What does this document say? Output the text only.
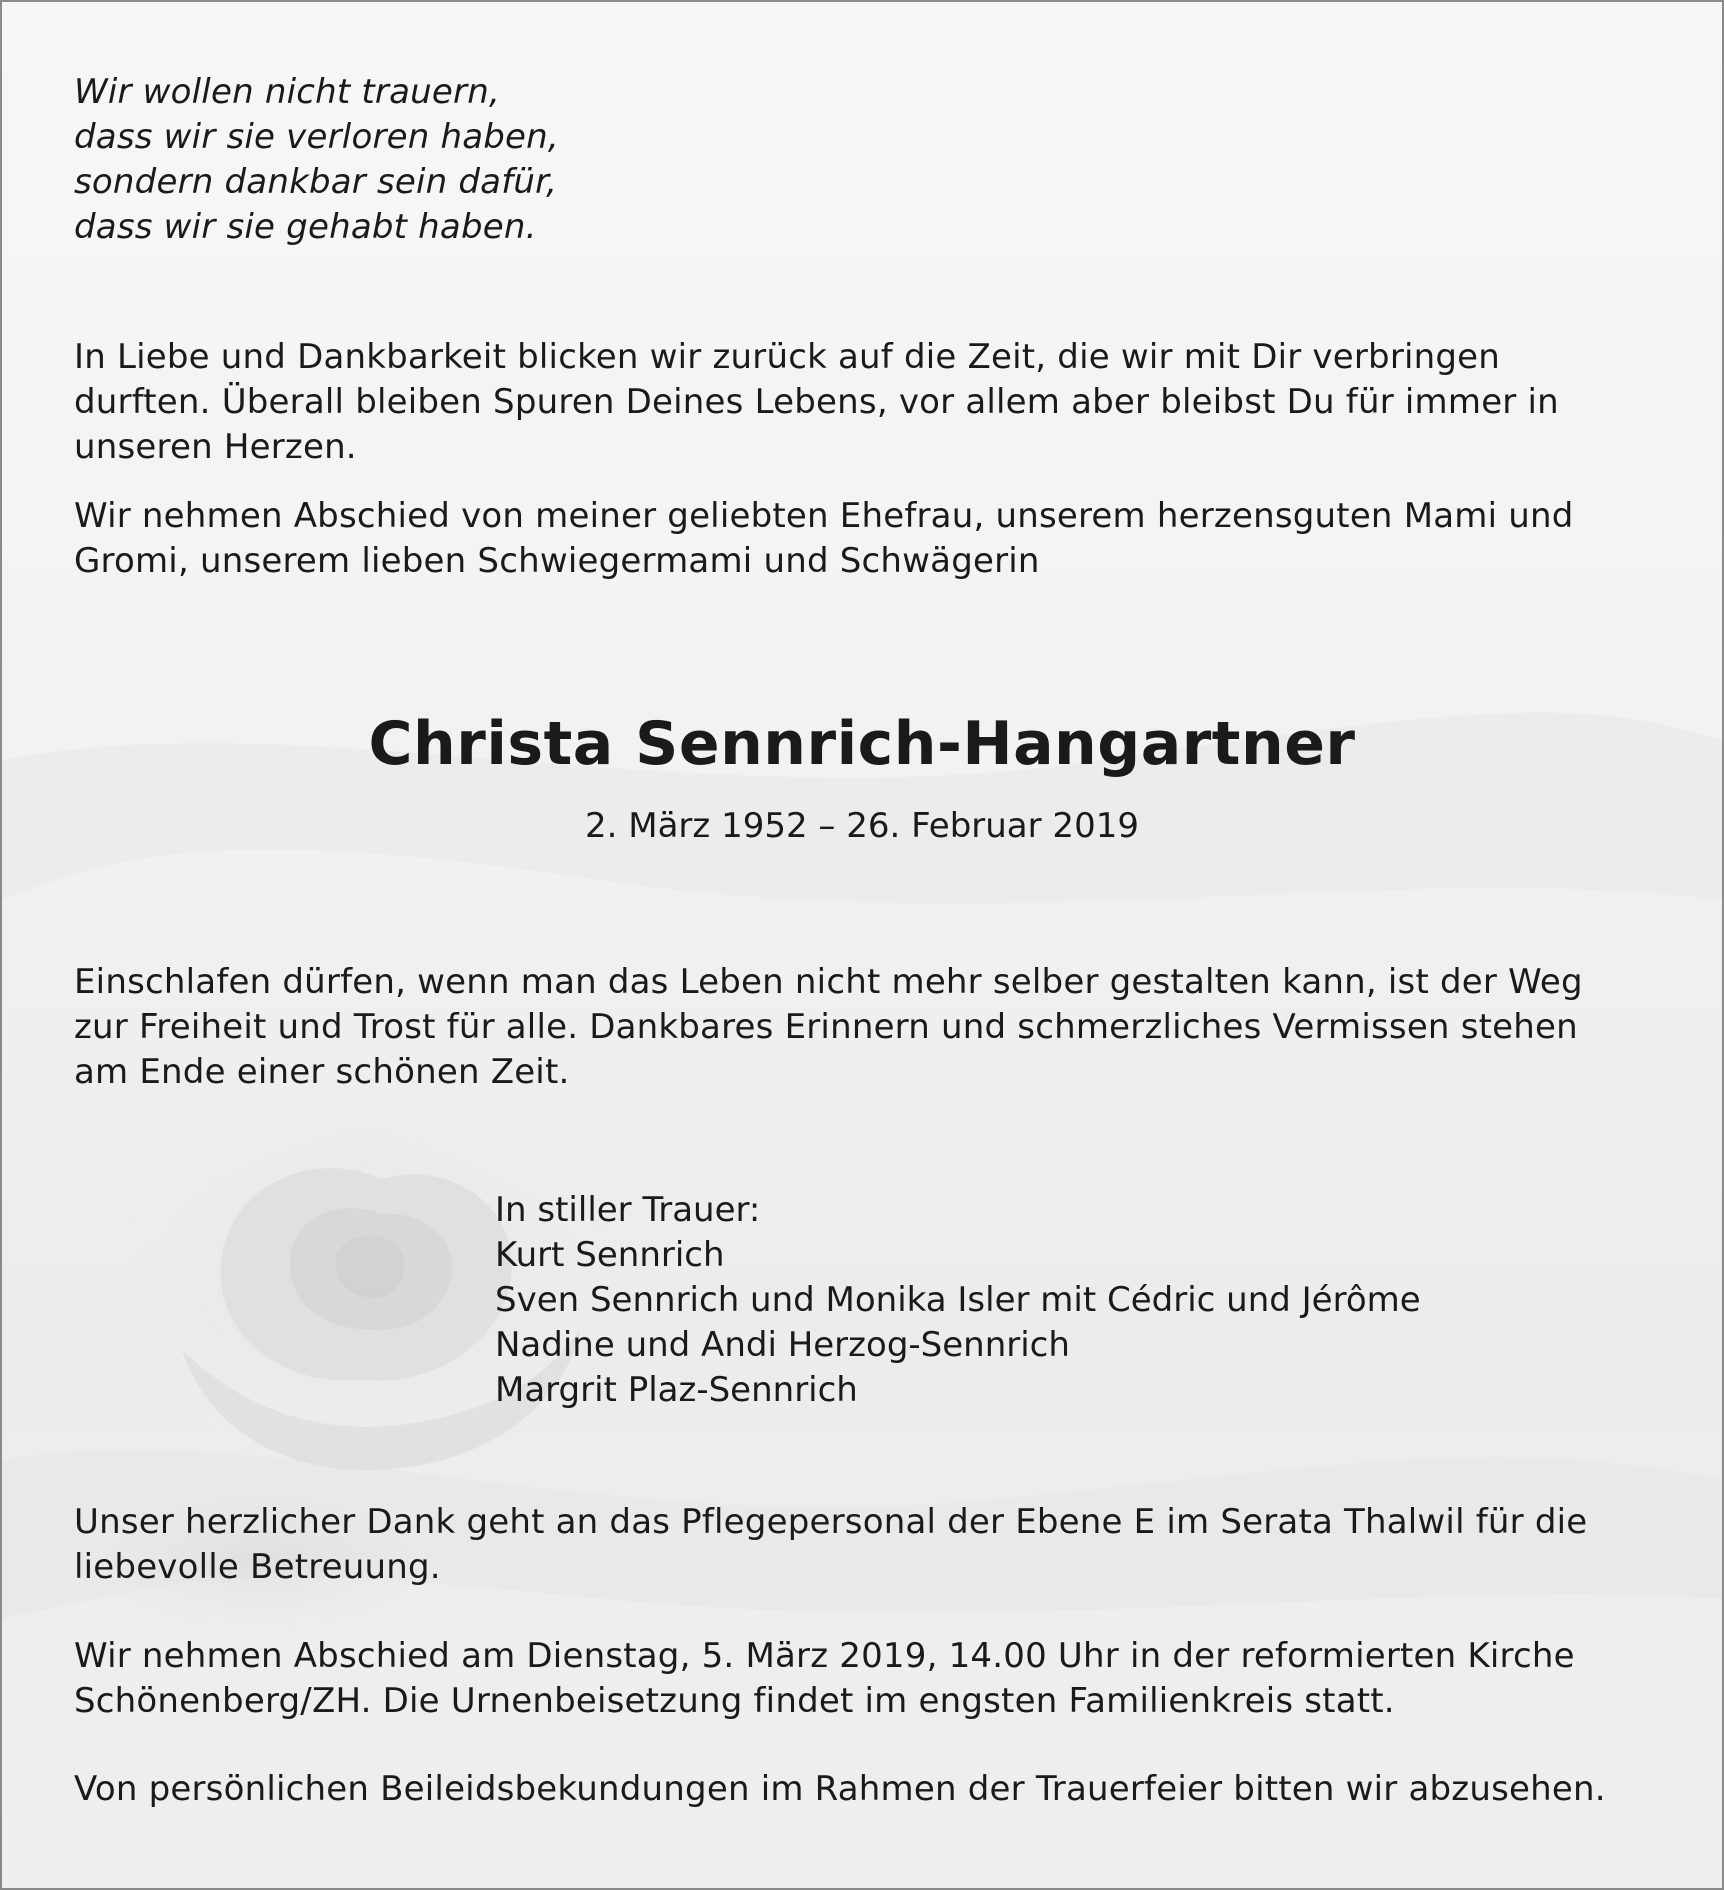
Wir wollen nicht trauern,
dass wir sie verloren haben,
sondern dankbar sein dafür,
dass wir sie gehabt haben.
In Liebe und Dankbarkeit blicken wir zurück auf die Zeit, die wir mit Dir verbringen
durften. Überall bleiben Spuren Deines Lebens, vor allem aber bleibst Du für immer in
unseren Herzen.
Wir nehmen Abschied von meiner geliebten Ehefrau, unserem herzensguten Mami und
Gromi, unserem lieben Schwiegermami und Schwägerin
Christa Sennrich-Hangartner

2. März 1952 – 26. Februar 2019

Einschlafen dürfen, wenn man das Leben nicht mehr selber gestalten kann, ist der Weg
zur Freiheit und Trost für alle. Dankbares Erinnern und schmerzliches Vermissen stehen
am Ende einer schönen Zeit.
In stiller Trauer:
Kurt Sennrich
Sven Sennrich und Monika Isler mit Cédric und Jérôme
Nadine und Andi Herzog-Sennrich
Margrit Plaz-Sennrich
Unser herzlicher Dank geht an das Pflegepersonal der Ebene E im Serata Thalwil für die
liebevolle Betreuung.
Wir nehmen Abschied am Dienstag, 5. März 2019, 14.00 Uhr in der reformierten Kirche
Schönenberg/ZH. Die Urnenbeisetzung findet im engsten Familienkreis statt.
Von persönlichen Beileidsbekundungen im Rahmen der Trauerfeier bitten wir abzusehen.
